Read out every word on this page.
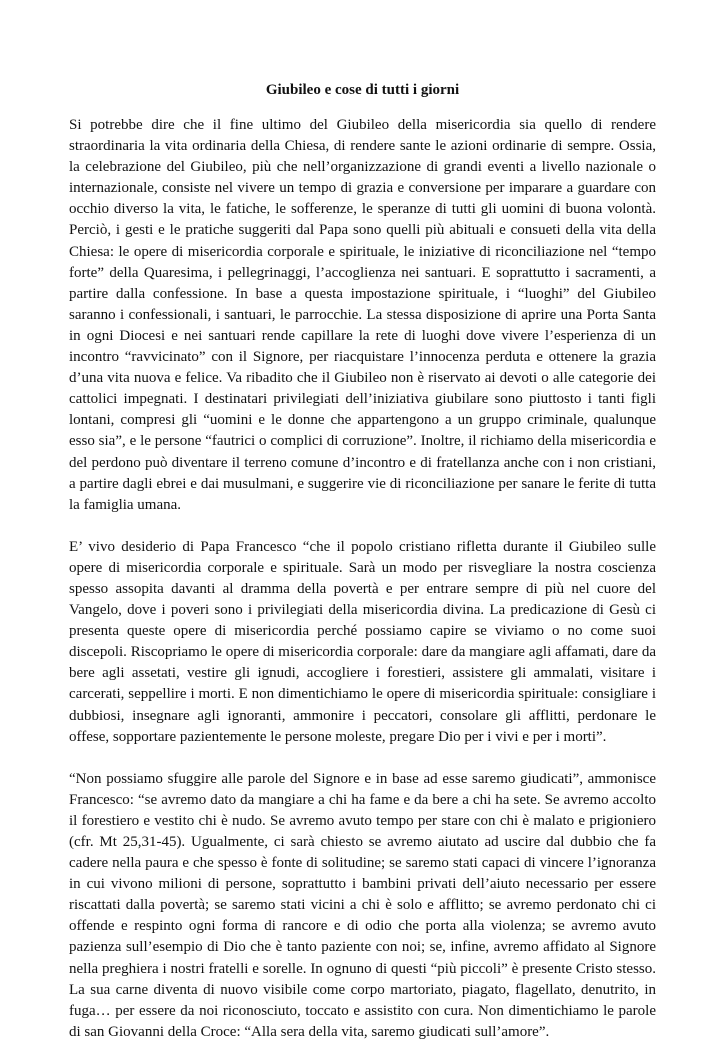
Giubileo e cose di tutti i giorni

Si potrebbe dire che il fine ultimo del Giubileo della misericordia sia quello di rendere straordinaria la vita ordinaria della Chiesa, di rendere sante le azioni ordinarie di sempre. Ossia, la celebrazione del Giubileo, più che nell’organizzazione di grandi eventi a livello nazionale o internazionale, consiste nel vivere un tempo di grazia e conversione per imparare a guardare con occhio diverso la vita, le fatiche, le sofferenze, le speranze di tutti gli uomini di buona volontà. Perciò, i gesti e le pratiche suggeriti dal Papa sono quelli più abituali e consueti della vita della Chiesa: le opere di misericordia corporale e spirituale, le iniziative di riconciliazione nel “tempo forte” della Quaresima, i pellegrinaggi, l’accoglienza nei santuari. E soprattutto i sacramenti, a partire dalla confessione. In base a questa impostazione spirituale, i “luoghi” del Giubileo saranno i confessionali, i santuari, le parrocchie. La stessa disposizione di aprire una Porta Santa in ogni Diocesi e nei santuari rende capillare la rete di luoghi dove vivere l’esperienza di un incontro “ravvicinato” con il Signore, per riacquistare l’innocenza perduta e ottenere la grazia d’una vita nuova e felice. Va ribadito che il Giubileo non è riservato ai devoti o alle categorie dei cattolici impegnati. I destinatari privilegiati dell’iniziativa giubilare sono piuttosto i tanti figli lontani, compresi gli “uomini e le donne che appartengono a un gruppo criminale, qualunque esso sia”, e le persone “fautrici o complici di corruzione”. Inoltre, il richiamo della misericordia e del perdono può diventare il terreno comune d’incontro e di fratellanza anche con i non cristiani, a partire dagli ebrei e dai musulmani, e suggerire vie di riconciliazione per sanare le ferite di tutta la famiglia umana.

E’ vivo desiderio di Papa Francesco “che il popolo cristiano rifletta durante il Giubileo sulle opere di misericordia corporale e spirituale. Sarà un modo per risvegliare la nostra coscienza spesso assopita davanti al dramma della povertà e per entrare sempre di più nel cuore del Vangelo, dove i poveri sono i privilegiati della misericordia divina. La predicazione di Gesù ci presenta queste opere di misericordia perché possiamo capire se viviamo o no come suoi discepoli. Riscopriamo le opere di misericordia corporale: dare da mangiare agli affamati, dare da bere agli assetati, vestire gli ignudi, accogliere i forestieri, assistere gli ammalati, visitare i carcerati, seppellire i morti. E non dimentichiamo le opere di misericordia spirituale: consigliare i dubbiosi, insegnare agli ignoranti, ammonire i peccatori, consolare gli afflitti, perdonare le offese, sopportare pazientemente le persone moleste, pregare Dio per i vivi e per i morti”.

“Non possiamo sfuggire alle parole del Signore e in base ad esse saremo giudicati”, ammonisce Francesco: “se avremo dato da mangiare a chi ha fame e da bere a chi ha sete. Se avremo accolto il forestiero e vestito chi è nudo. Se avremo avuto tempo per stare con chi è malato e prigioniero (cfr. Mt 25,31-45). Ugualmente, ci sarà chiesto se avremo aiutato ad uscire dal dubbio che fa cadere nella paura e che spesso è fonte di solitudine; se saremo stati capaci di vincere l’ignoranza in cui vivono milioni di persone, soprattutto i bambini privati dell’aiuto necessario per essere riscattati dalla povertà; se saremo stati vicini a chi è solo e afflitto; se avremo perdonato chi ci offende e respinto ogni forma di rancore e di odio che porta alla violenza; se avremo avuto pazienza sull’esempio di Dio che è tanto paziente con noi; se, infine, avremo affidato al Signore nella preghiera i nostri fratelli e sorelle. In ognuno di questi “più piccoli” è presente Cristo stesso. La sua carne diventa di nuovo visibile come corpo martoriato, piagato, flagellato, denutrito, in fuga… per essere da noi riconosciuto, toccato e assistito con cura. Non dimentichiamo le parole di san Giovanni della Croce: “Alla sera della vita, saremo giudicati sull’amore”.
